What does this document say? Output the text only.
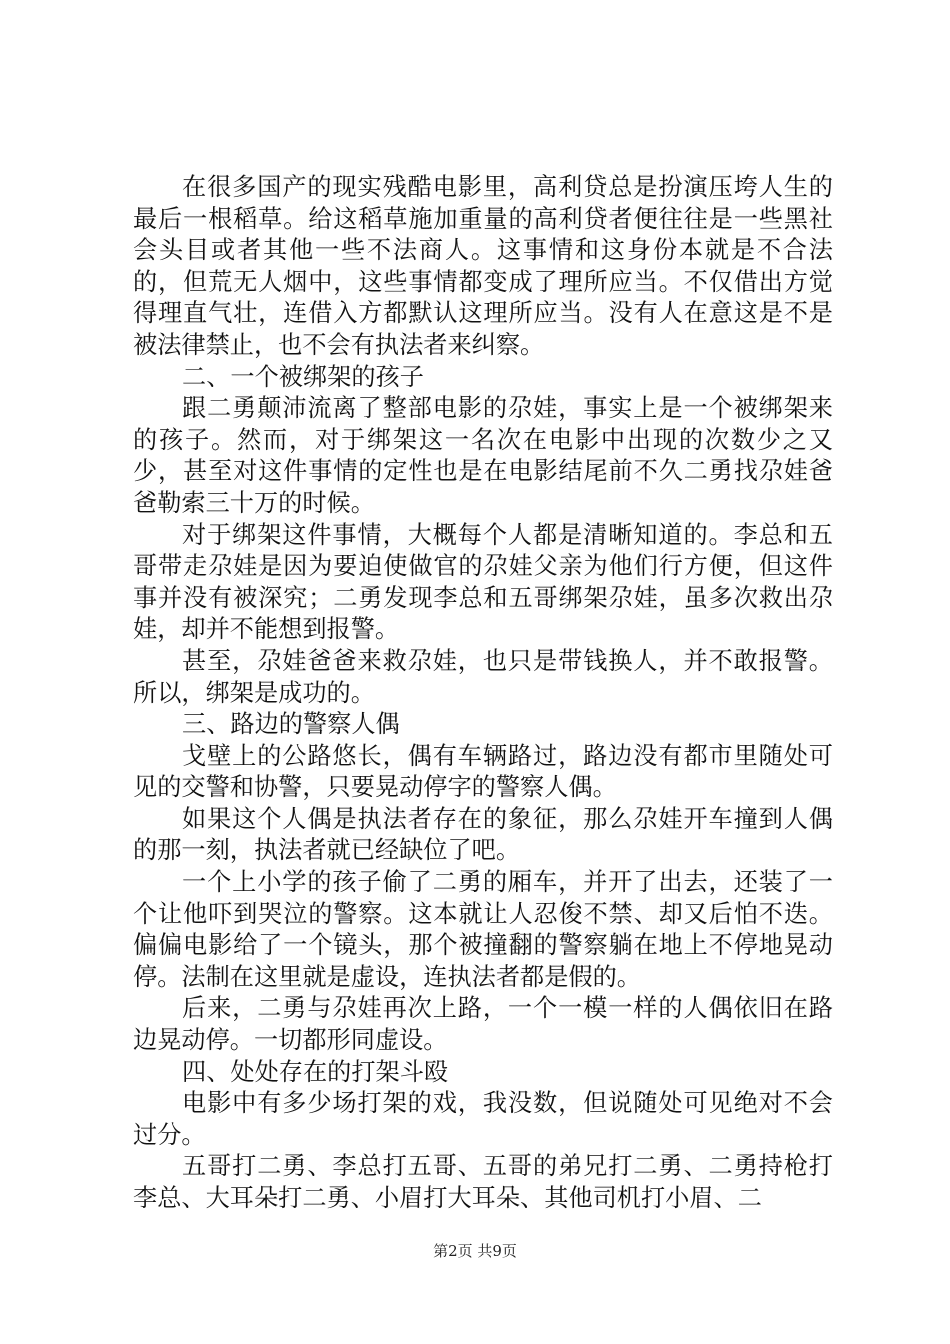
在很多国产的现实残酷电影里，高利贷总是扮演压垮人生的最后一根稻草。给这稻草施加重量的高利贷者便往往是一些黑社会头目或者其他一些不法商人。这事情和这身份本就是不合法的，但荒无人烟中，这些事情都变成了理所应当。不仅借出方觉得理直气壮，连借入方都默认这理所应当。没有人在意这是不是被法律禁止，也不会有执法者来纠察。

二、一个被绑架的孩子

跟二勇颠沛流离了整部电影的尕娃，事实上是一个被绑架来的孩子。然而，对于绑架这一名次在电影中出现的次数少之又少，甚至对这件事情的定性也是在电影结尾前不久二勇找尕娃爸爸勒索三十万的时候。

对于绑架这件事情，大概每个人都是清晰知道的。李总和五哥带走尕娃是因为要迫使做官的尕娃父亲为他们行方便，但这件事并没有被深究；二勇发现李总和五哥绑架尕娃，虽多次救出尕娃，却并不能想到报警。

甚至，尕娃爸爸来救尕娃，也只是带钱换人，并不敢报警。所以，绑架是成功的。

三、路边的警察人偶

戈壁上的公路悠长，偶有车辆路过，路边没有都市里随处可见的交警和协警，只要晃动停字的警察人偶。

如果这个人偶是执法者存在的象征，那么尕娃开车撞到人偶的那一刻，执法者就已经缺位了吧。

一个上小学的孩子偷了二勇的厢车，并开了出去，还装了一个让他吓到哭泣的警察。这本就让人忍俊不禁、却又后怕不迭。偏偏电影给了一个镜头，那个被撞翻的警察躺在地上不停地晃动停。法制在这里就是虚设，连执法者都是假的。

后来，二勇与尕娃再次上路，一个一模一样的人偶依旧在路边晃动停。一切都形同虚设。

四、处处存在的打架斗殴

电影中有多少场打架的戏，我没数，但说随处可见绝对不会过分。

五哥打二勇、李总打五哥、五哥的弟兄打二勇、二勇持枪打李总、大耳朵打二勇、小眉打大耳朵、其他司机打小眉、二

第2页 共9页
